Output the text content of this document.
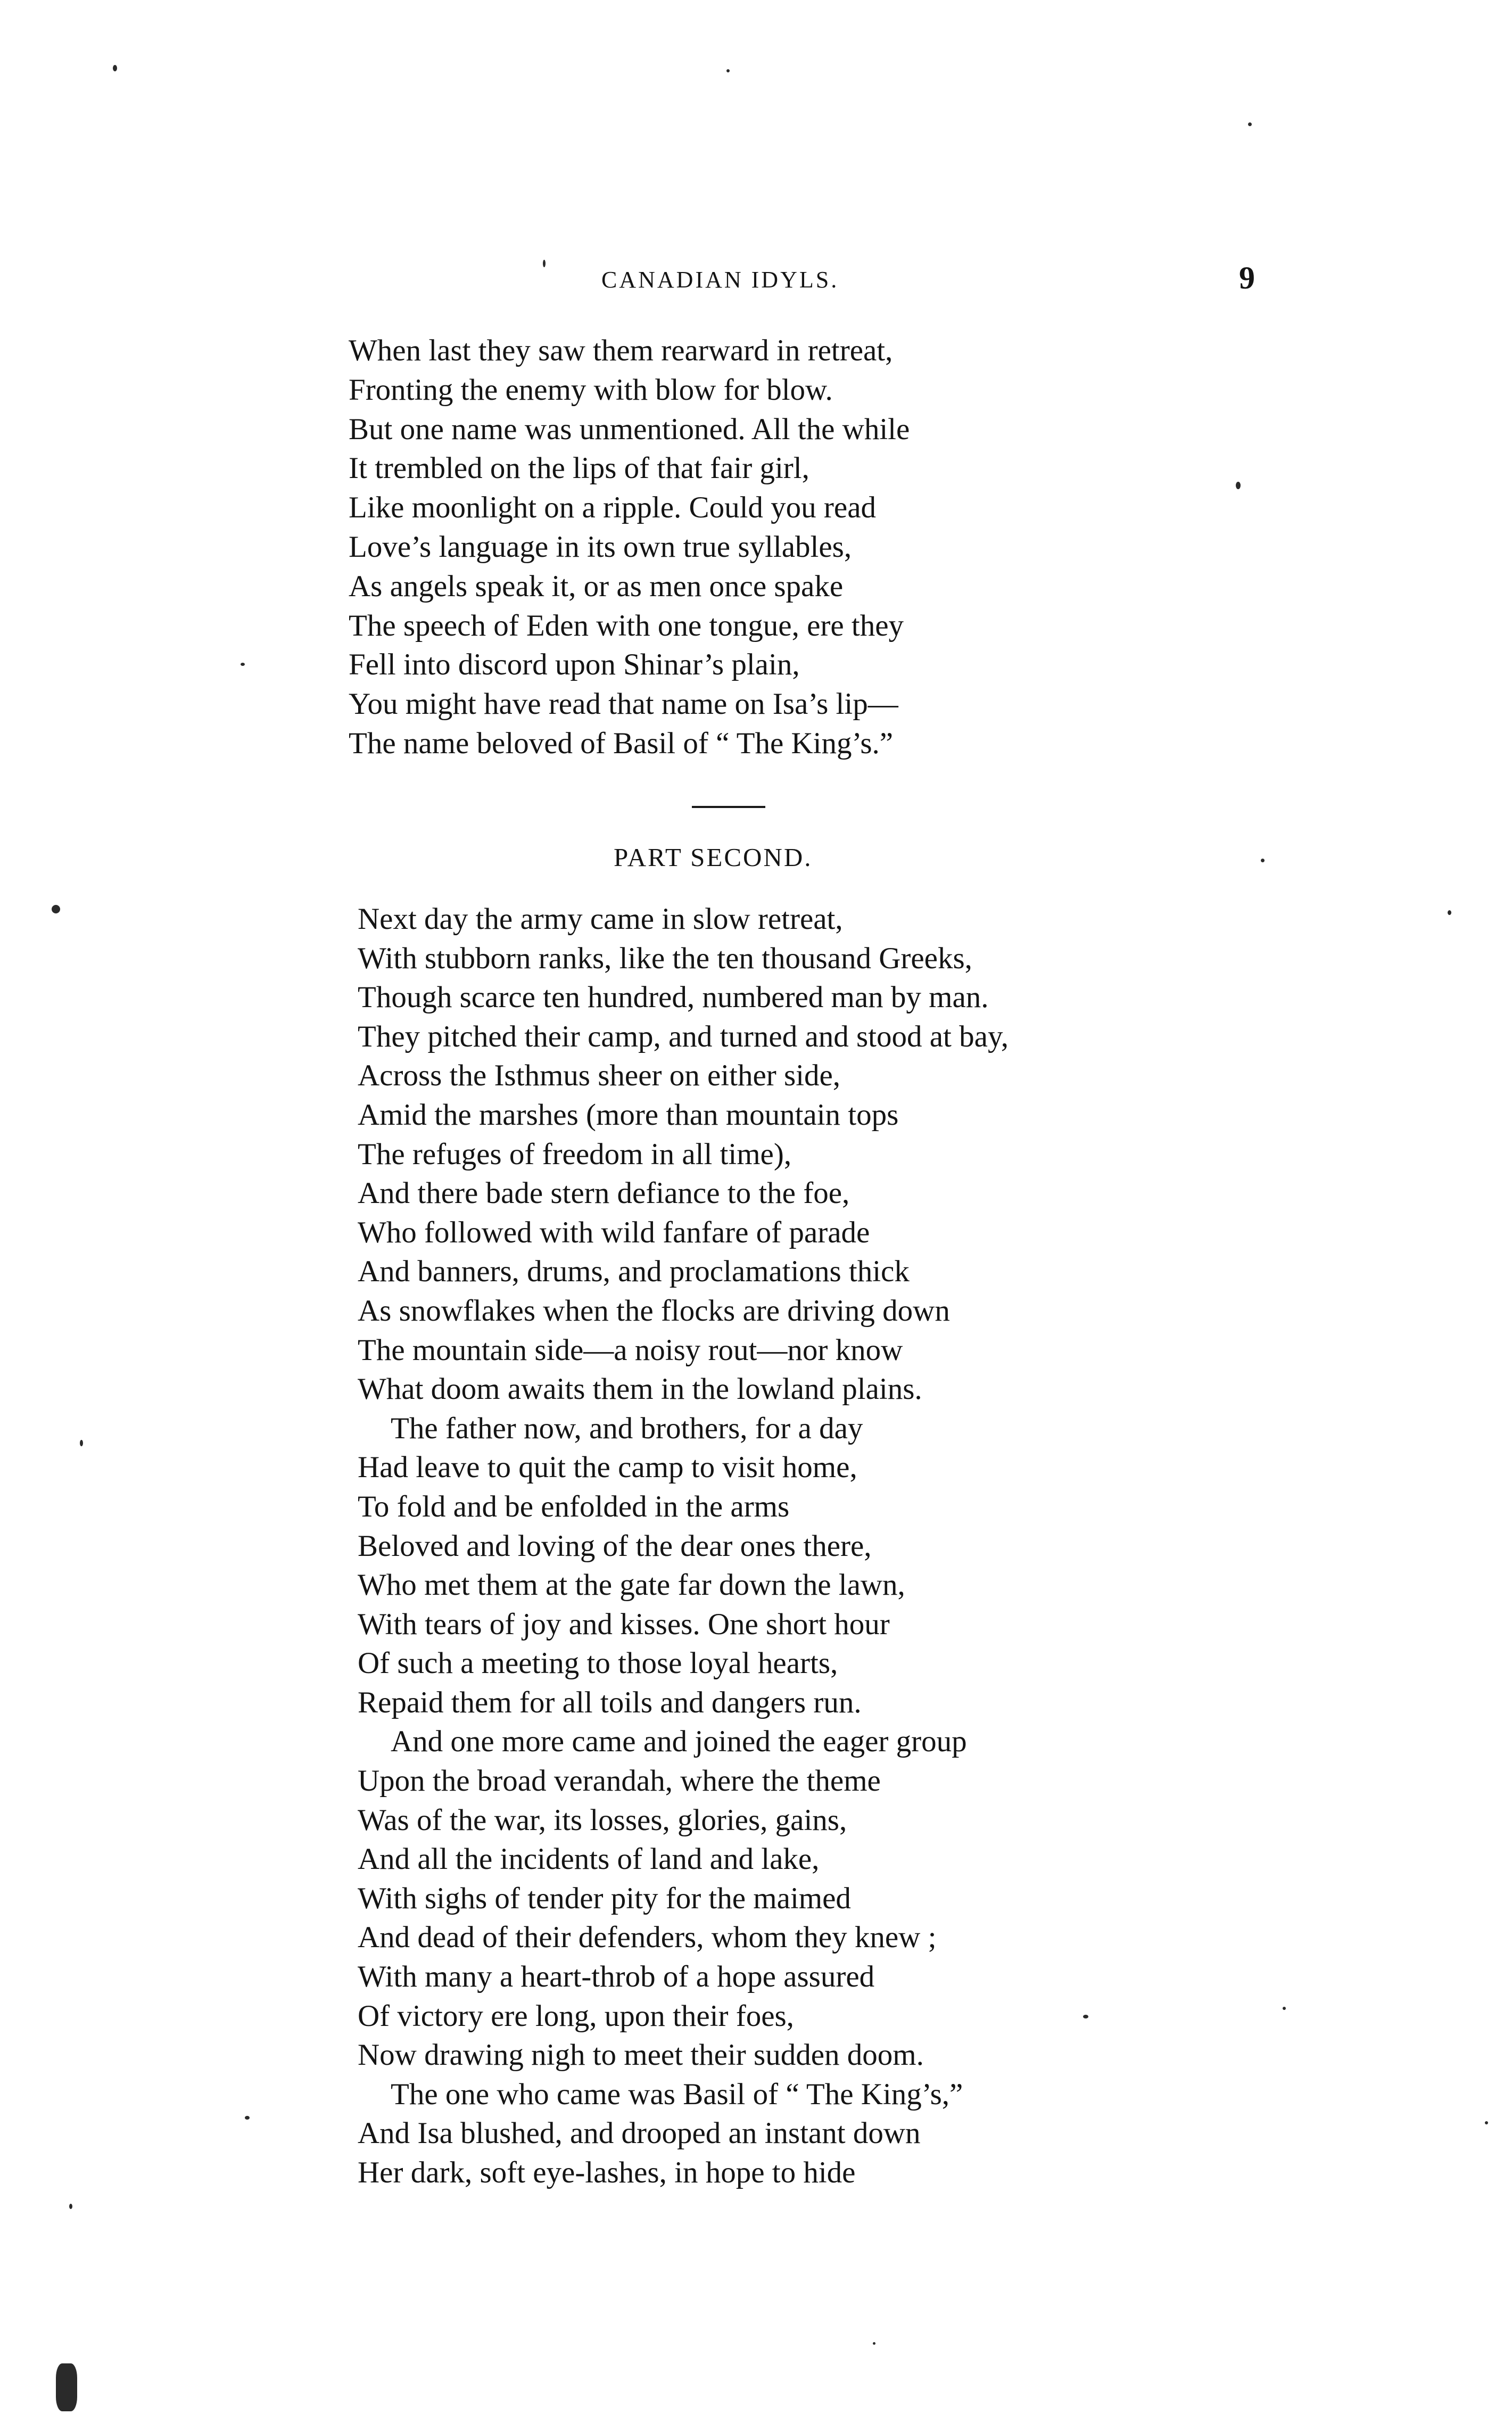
CANADIAN IDYLS.	9
When last they saw them rearward in retreat,
Fronting the enemy with blow for blow.
But one name was unmentioned. All the while
It trembled on the lips of that fair girl,
Like moonlight on a ripple. Could you read
Love’s language in its own true syllables,
As angels speak it, or as men once spake
The speech of Eden with one tongue, ere they
Fell into discord upon Shinar’s plain,
You might have read that name on Isa’s lip—
The name beloved of Basil of “ The King’s.”
PART SECOND.
Next day the army came in slow retreat,
With stubborn ranks, like the ten thousand Greeks,
Though scarce ten hundred, numbered man by man.
They pitched their camp, and turned and stood at bay,
Across the Isthmus sheer on either side,
Amid the marshes (more than mountain tops
The refuges of freedom in all time),
And there bade stern defiance to the foe,
Who followed with wild fanfare of parade
And banners, drums, and proclamations thick
As snowflakes when the flocks are driving down
The mountain side—a noisy rout—nor know
What doom awaits them in the lowland plains.
The father now, and brothers, for a day
Had leave to quit the camp to visit home,
To fold and be enfolded in the arms
Beloved and loving of the dear ones there,
Who met them at the gate far down the lawn,
With tears of joy and kisses. One short hour
Of such a meeting to those loyal hearts,
Repaid them for all toils and dangers run.
And one more came and joined the eager group
Upon the broad verandah, where the theme
Was of the war, its losses, glories, gains,
And all the incidents of land and lake,
With sighs of tender pity for the maimed
And dead of their defenders, whom they knew ;
With many a heart-throb of a hope assured
Of victory ere long, upon their foes,
Now drawing nigh to meet their sudden doom.
The one who came was Basil of “ The King’s,”
And Isa blushed, and drooped an instant down
Her dark, soft eye-lashes, in hope to hide
